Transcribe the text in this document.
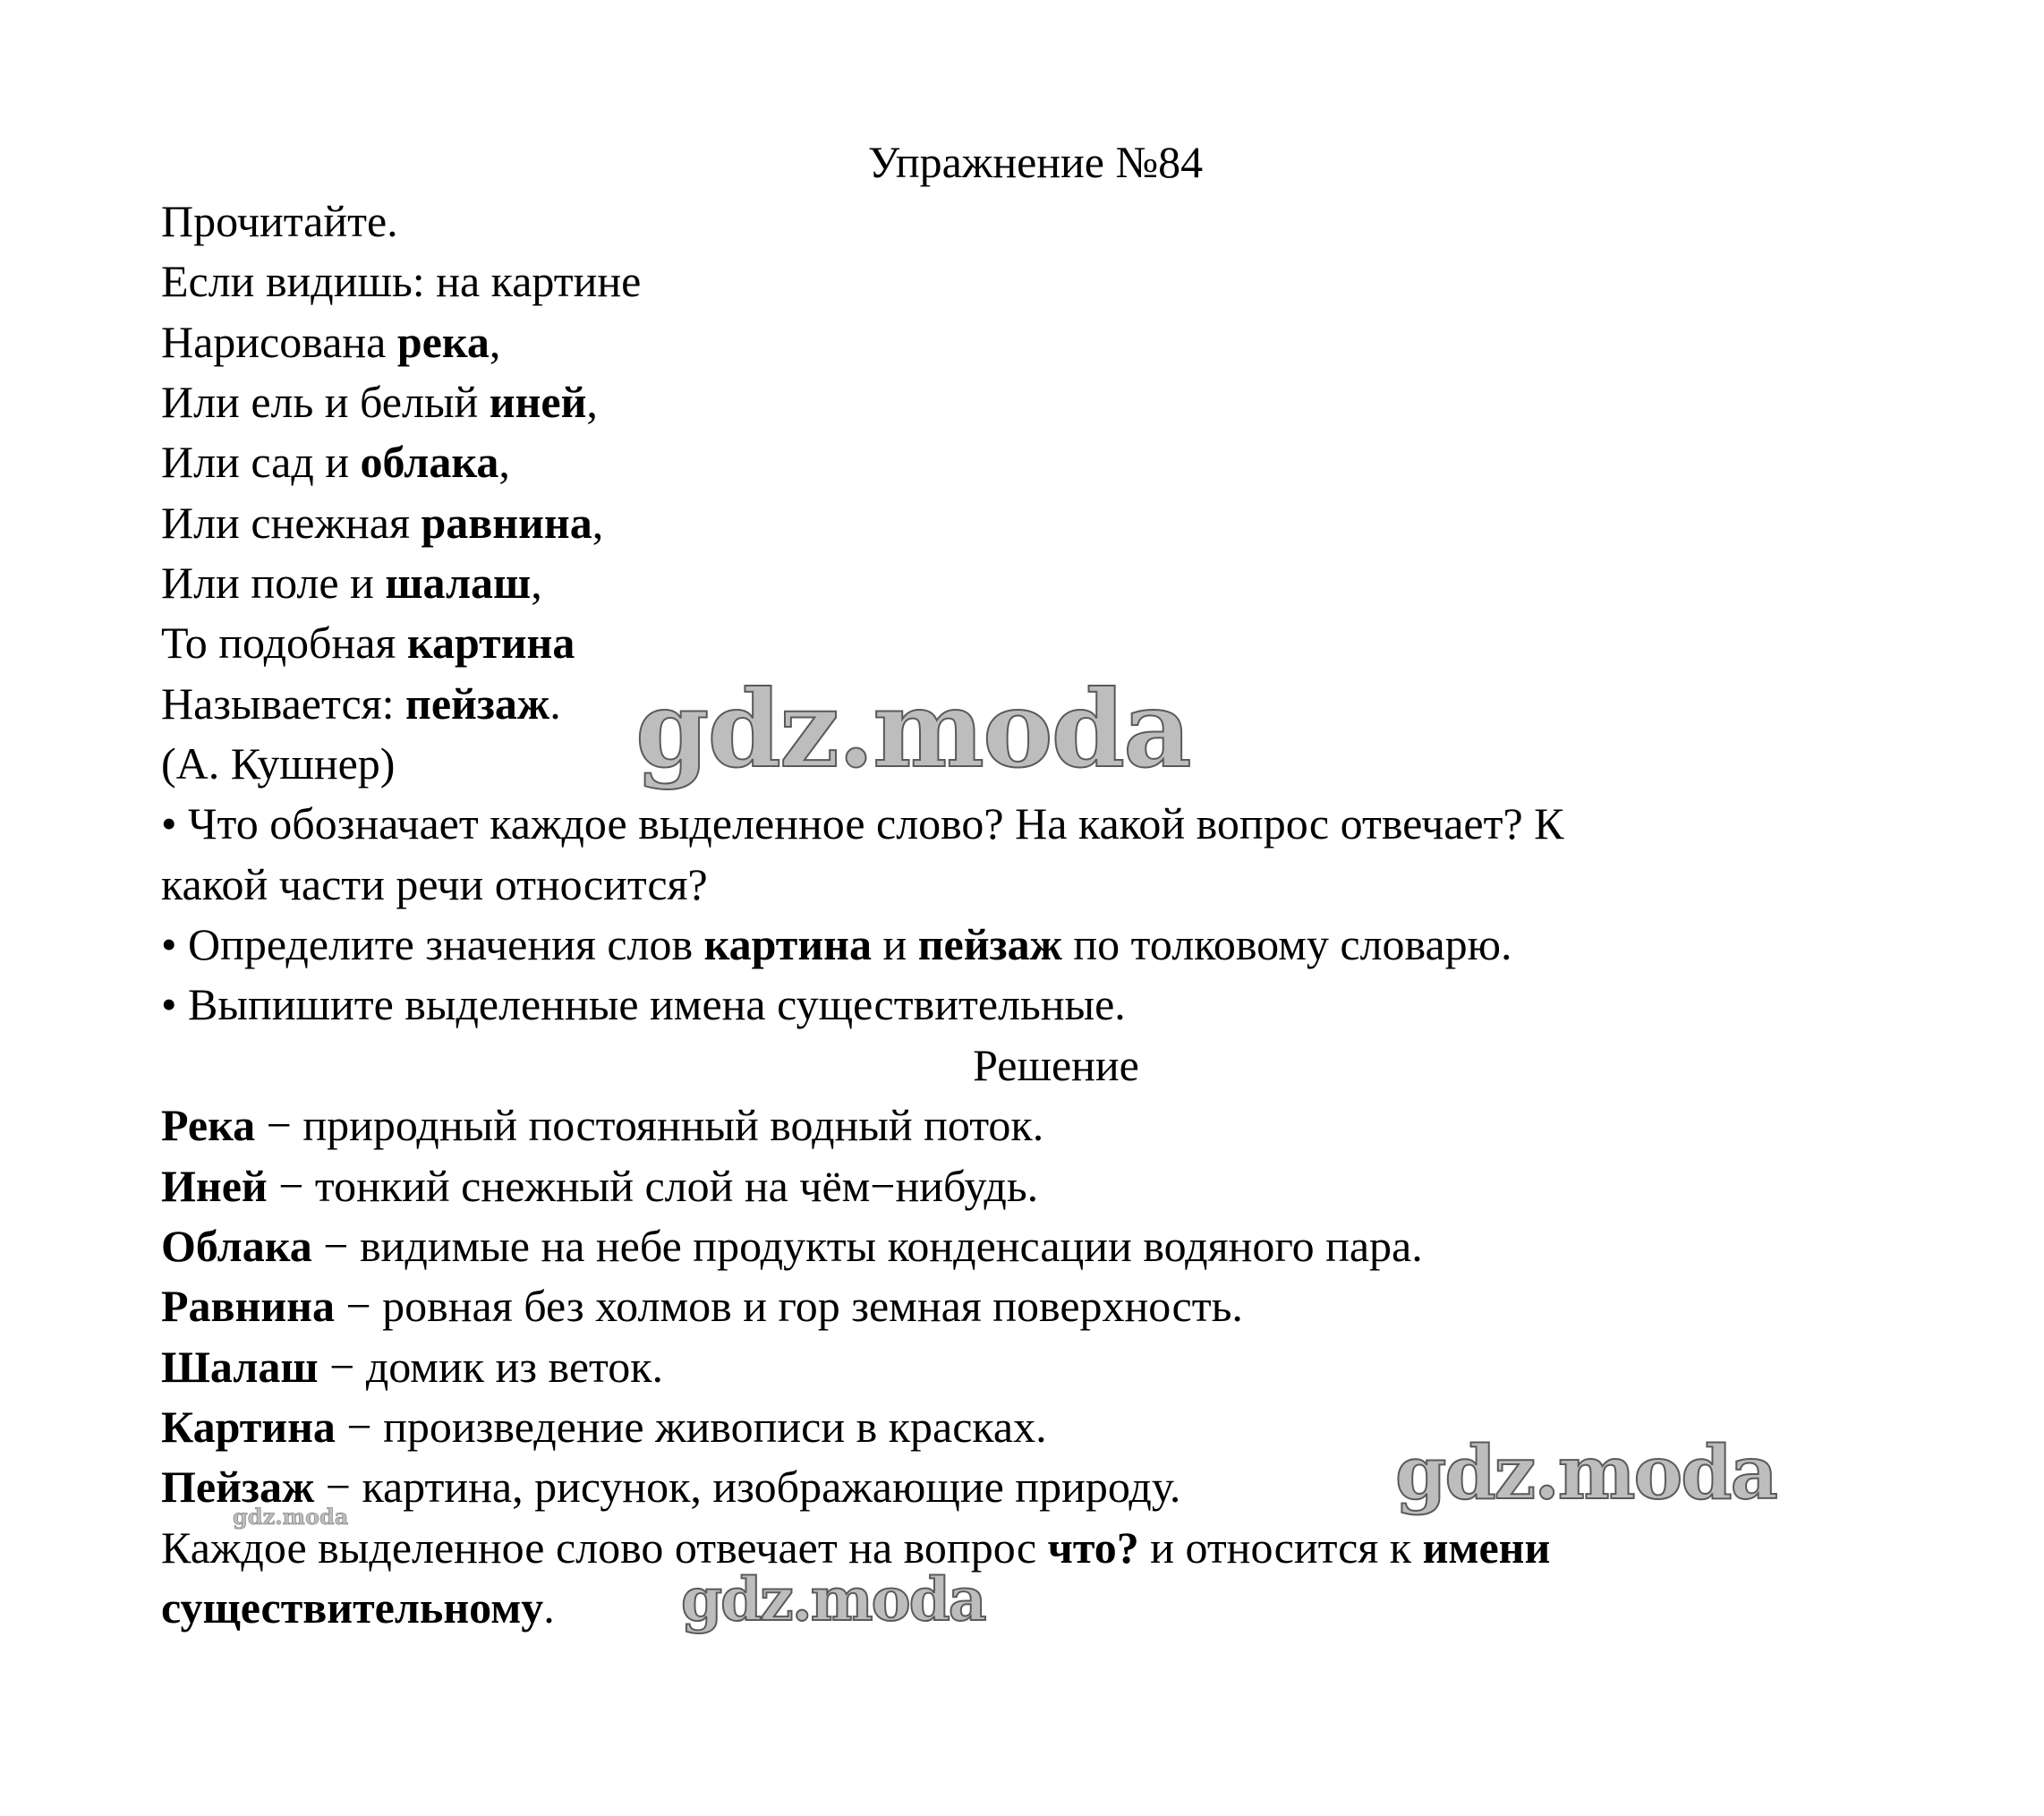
Упражнение №84
Прочитайте.
Если видишь: на картине
Нарисована река,
Или ель и белый иней,
Или сад и облака,
Или снежная равнина,
Или поле и шалаш,
То подобная картина
Называется: пейзаж.
(А. Кушнер)
• Что обозначает каждое выделенное слово? На какой вопрос отвечает? К
какой части речи относится?
• Определите значения слов картина и пейзаж по толковому словарю.
• Выпишите выделенные имена существительные.
Решение
Река − природный постоянный водный поток.
Иней − тонкий снежный слой на чём−нибудь.
Облака − видимые на небе продукты конденсации водяного пара.
Равнина − ровная без холмов и гор земная поверхность.
Шалаш − домик из веток.
Картина − произведение живописи в красках.
Пейзаж − картина, рисунок, изображающие природу.
Каждое выделенное слово отвечает на вопрос что? и относится к имени
существительному.
gdz.moda
gdz.moda
gdz.moda
gdz.moda
